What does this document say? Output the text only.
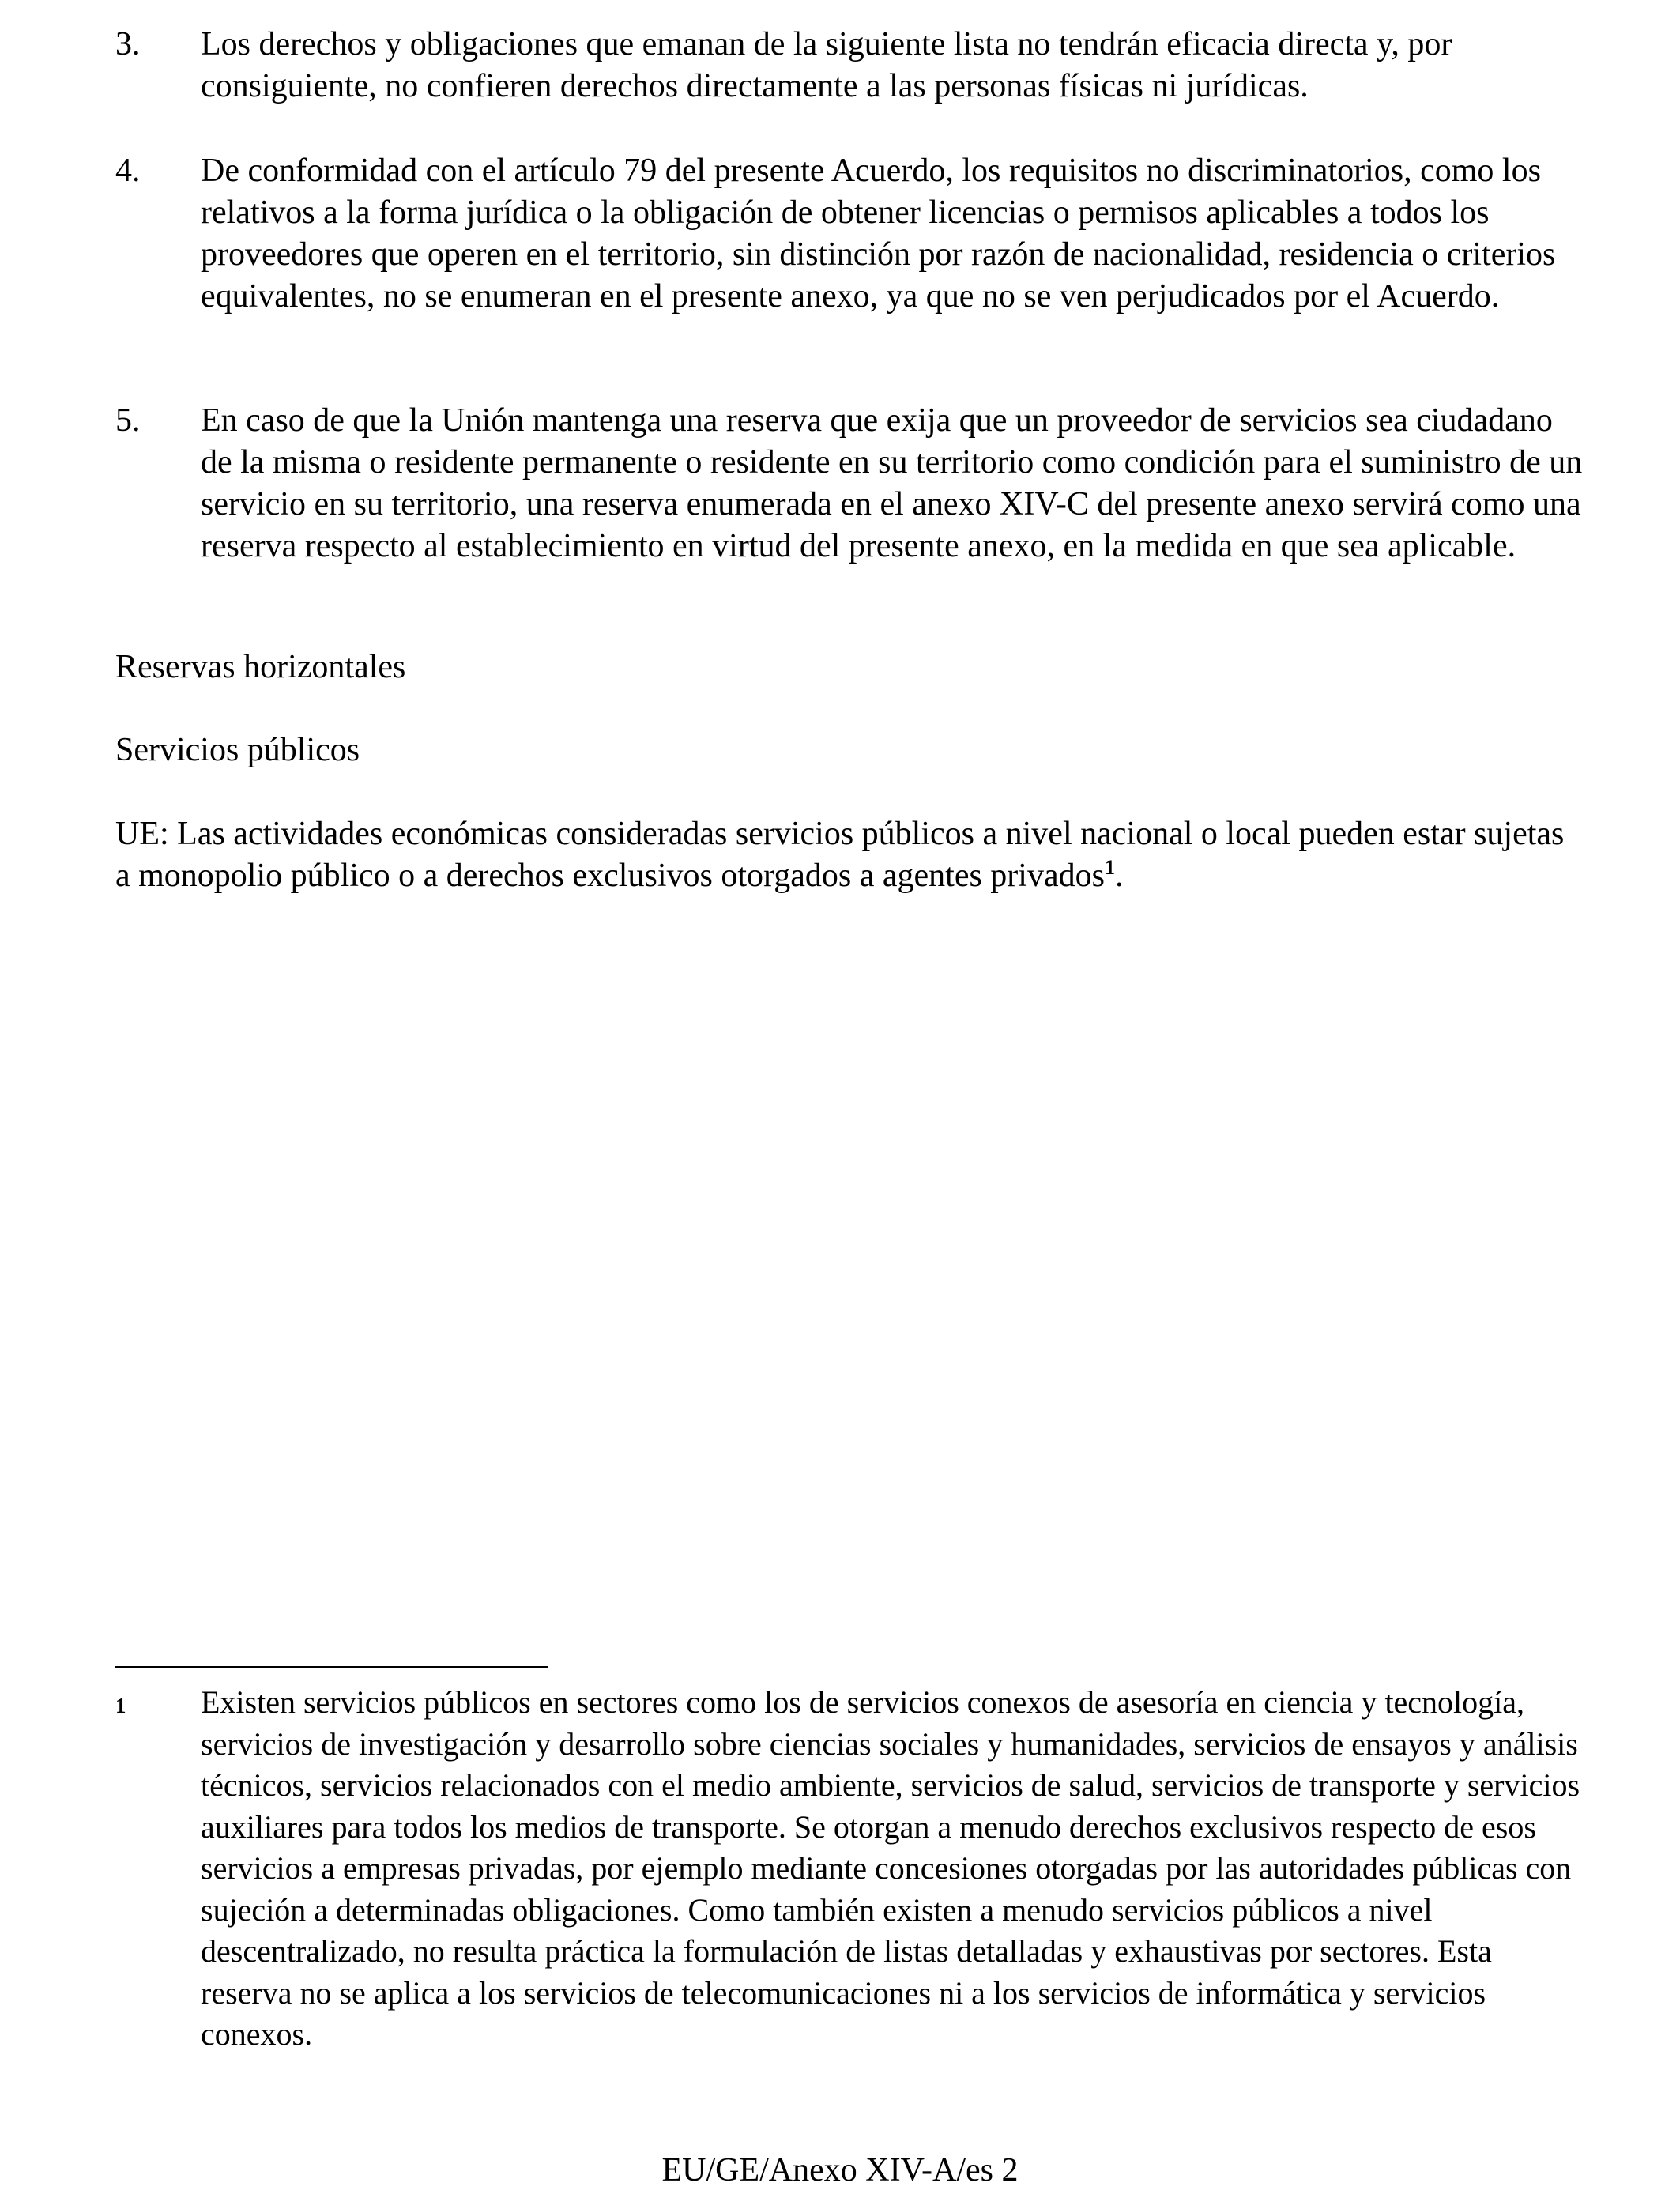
3. Los derechos y obligaciones que emanan de la siguiente lista no tendrán eficacia directa y, por consiguiente, no confieren derechos directamente a las personas físicas ni jurídicas.
4. De conformidad con el artículo 79 del presente Acuerdo, los requisitos no discriminatorios, como los relativos a la forma jurídica o la obligación de obtener licencias o permisos aplicables a todos los proveedores que operen en el territorio, sin distinción por razón de nacionalidad, residencia o criterios equivalentes, no se enumeran en el presente anexo, ya que no se ven perjudicados por el Acuerdo.
5. En caso de que la Unión mantenga una reserva que exija que un proveedor de servicios sea ciudadano de la misma o residente permanente o residente en su territorio como condición para el suministro de un servicio en su territorio, una reserva enumerada en el anexo XIV-C del presente anexo servirá como una reserva respecto al establecimiento en virtud del presente anexo, en la medida en que sea aplicable.
Reservas horizontales
Servicios públicos
UE: Las actividades económicas consideradas servicios públicos a nivel nacional o local pueden estar sujetas a monopolio público o a derechos exclusivos otorgados a agentes privados$^1$.
1 Existen servicios públicos en sectores como los de servicios conexos de asesoría en ciencia y tecnología, servicios de investigación y desarrollo sobre ciencias sociales y humanidades, servicios de ensayos y análisis técnicos, servicios relacionados con el medio ambiente, servicios de salud, servicios de transporte y servicios auxiliares para todos los medios de transporte. Se otorgan a menudo derechos exclusivos respecto de esos servicios a empresas privadas, por ejemplo mediante concesiones otorgadas por las autoridades públicas con sujeción a determinadas obligaciones. Como también existen a menudo servicios públicos a nivel descentralizado, no resulta práctica la formulación de listas detalladas y exhaustivas por sectores. Esta reserva no se aplica a los servicios de telecomunicaciones ni a los servicios de informática y servicios conexos.
EU/GE/Anexo XIV-A/es 2
